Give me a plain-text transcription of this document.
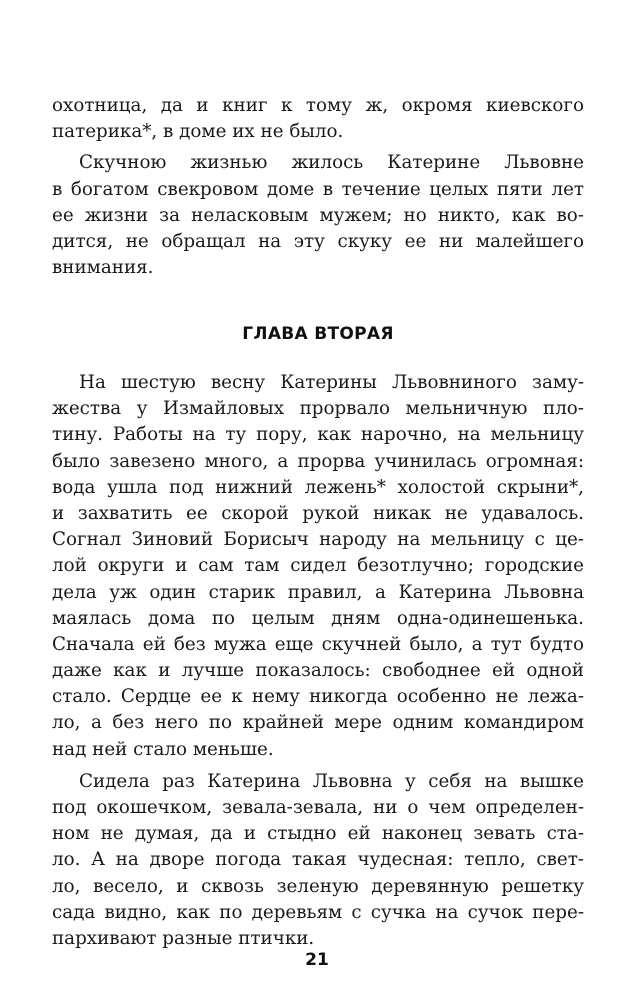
охотница, да и книг к тому ж, окромя киевского
патерика*, в доме их не было.
Скучною жизнью жилось Катерине Львовне
в богатом свекровом доме в течение целых пяти лет
ее жизни за неласковым мужем; но никто, как во-
дится, не обращал на эту скуку ее ни малейшего
внимания.
ГЛАВА ВТОРАЯ
На шестую весну Катерины Львовниного заму-
жества у Измайловых прорвало мельничную пло-
тину. Работы на ту пору, как нарочно, на мельницу
было завезено много, а прорва учинилась огромная:
вода ушла под нижний лежень* холостой скрыни*,
и захватить ее скорой рукой никак не удавалось.
Согнал Зиновий Борисыч народу на мельницу с це-
лой округи и сам там сидел безотлучно; городские
дела уж один старик правил, а Катерина Львовна
маялась дома по целым дням одна-одинешенька.
Сначала ей без мужа еще скучней было, а тут будто
даже как и лучше показалось: свободнее ей одной
стало. Сердце ее к нему никогда особенно не лежа-
ло, а без него по крайней мере одним командиром
над ней стало меньше.
Сидела раз Катерина Львовна у себя на вышке
под окошечком, зевала-зевала, ни о чем определен-
ном не думая, да и стыдно ей наконец зевать ста-
ло. А на дворе погода такая чудесная: тепло, свет-
ло, весело, и сквозь зеленую деревянную решетку
сада видно, как по деревьям с сучка на сучок пере-
пархивают разные птички.
21
